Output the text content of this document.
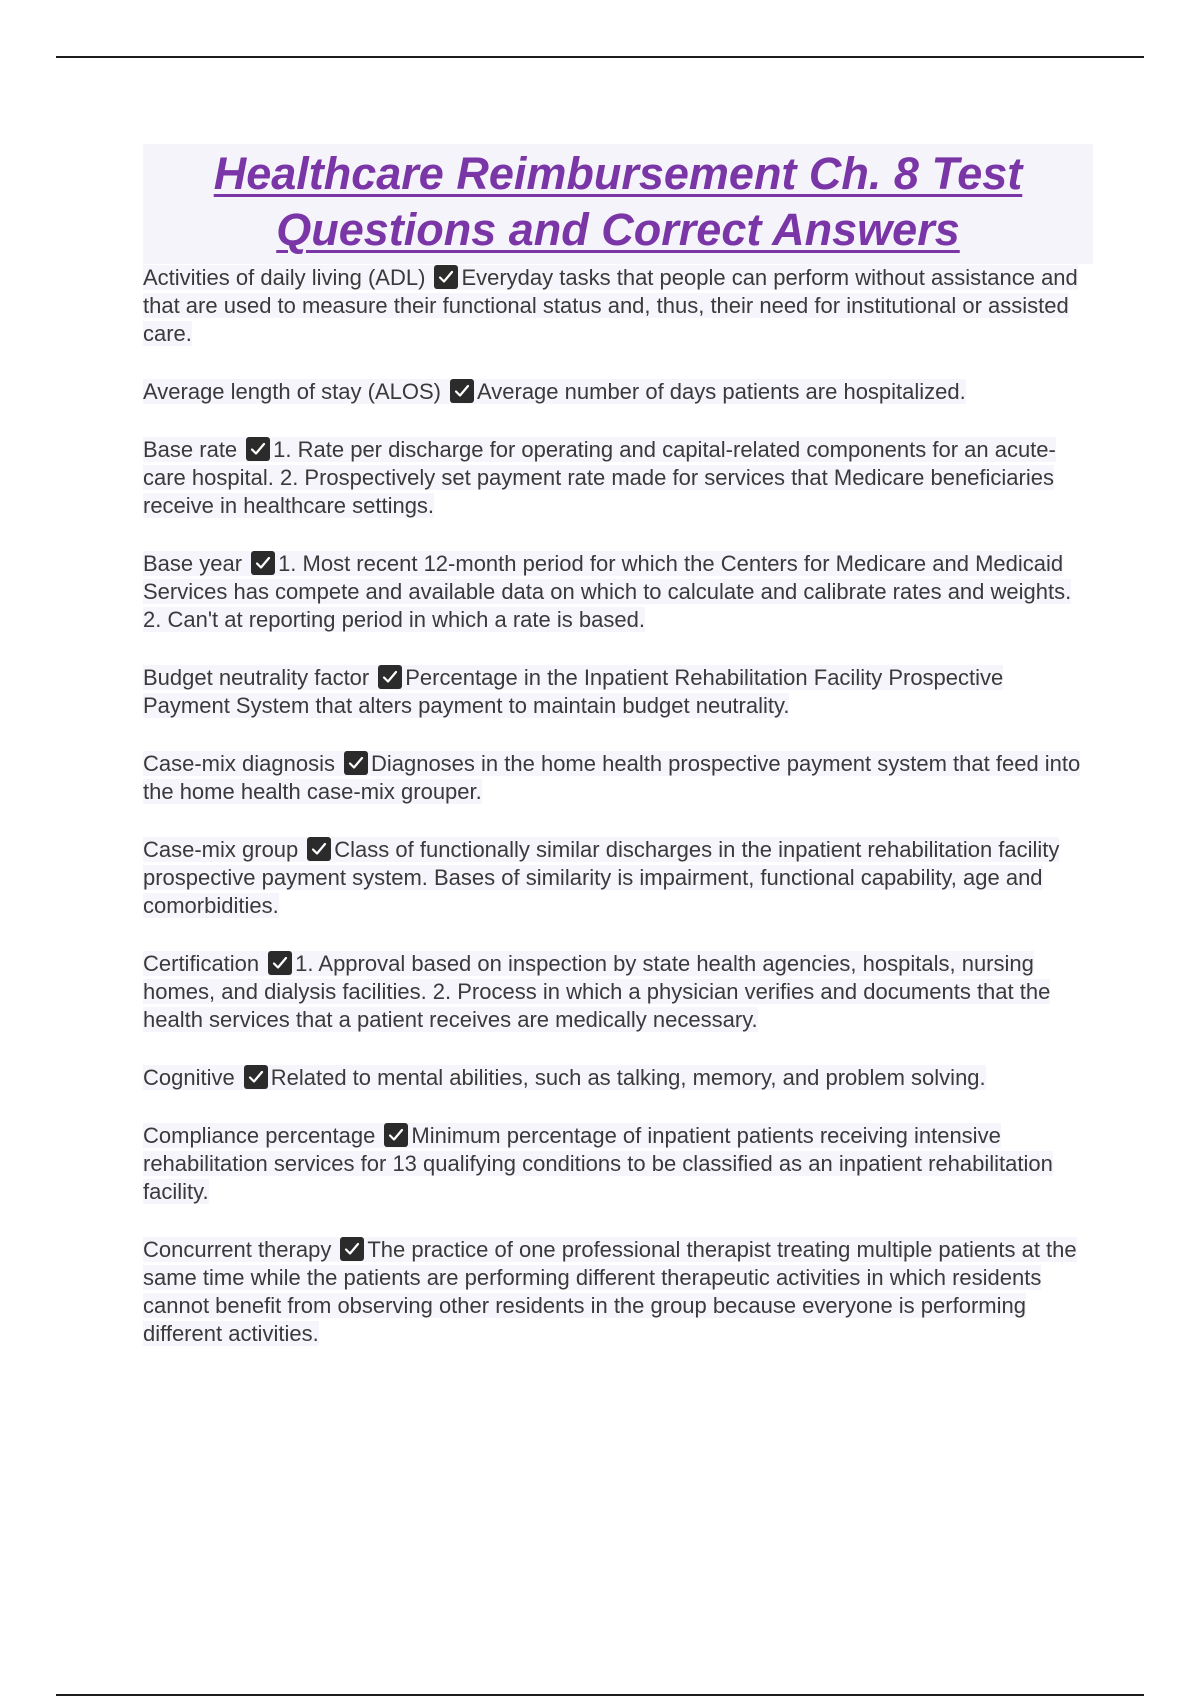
Healthcare Reimbursement Ch. 8 Test Questions and Correct Answers

Activities of daily living (ADL) Everyday tasks that people can perform without assistance and that are used to measure their functional status and, thus, their need for institutional or assisted care.

Average length of stay (ALOS) Average number of days patients are hospitalized.

Base rate 1. Rate per discharge for operating and capital-related components for an acute-care hospital. 2. Prospectively set payment rate made for services that Medicare beneficiaries receive in healthcare settings.

Base year 1. Most recent 12-month period for which the Centers for Medicare and Medicaid Services has compete and available data on which to calculate and calibrate rates and weights. 2. Can't at reporting period in which a rate is based.

Budget neutrality factor Percentage in the Inpatient Rehabilitation Facility Prospective Payment System that alters payment to maintain budget neutrality.

Case-mix diagnosis Diagnoses in the home health prospective payment system that feed into the home health case-mix grouper.

Case-mix group Class of functionally similar discharges in the inpatient rehabilitation facility prospective payment system. Bases of similarity is impairment, functional capability, age and comorbidities.

Certification 1. Approval based on inspection by state health agencies, hospitals, nursing homes, and dialysis facilities. 2. Process in which a physician verifies and documents that the health services that a patient receives are medically necessary.

Cognitive Related to mental abilities, such as talking, memory, and problem solving.

Compliance percentage Minimum percentage of inpatient patients receiving intensive rehabilitation services for 13 qualifying conditions to be classified as an inpatient rehabilitation facility.

Concurrent therapy The practice of one professional therapist treating multiple patients at the same time while the patients are performing different therapeutic activities in which residents cannot benefit from observing other residents in the group because everyone is performing different activities.
